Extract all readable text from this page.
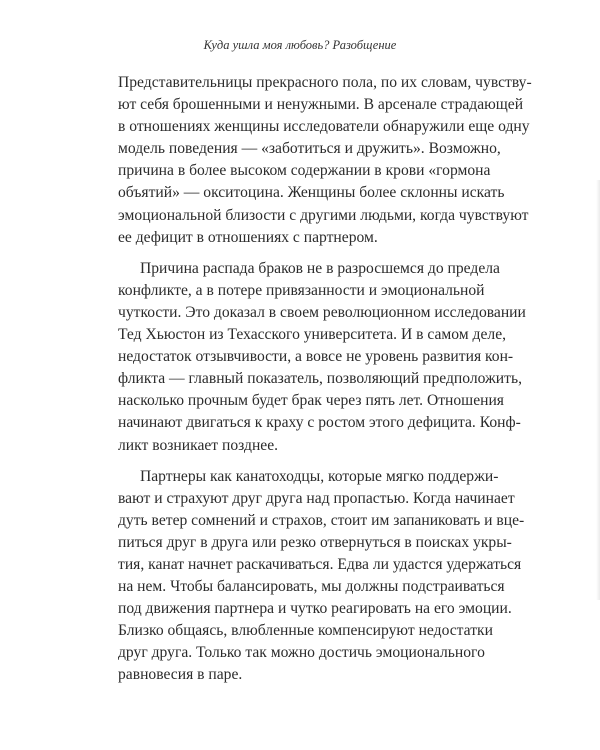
Куда ушла моя любовь? Разобщение
Представительницы прекрасного пола, по их словам, чувству-
ют себя брошенными и ненужными. В арсенале страдающей
в отношениях женщины исследователи обнаружили еще одну
модель поведения — «заботиться и дружить». Возможно,
причина в более высоком содержании в крови «гормона
объятий» — окситоцина. Женщины более склонны искать
эмоциональной близости с другими людьми, когда чувствуют
ее дефицит в отношениях с партнером.
Причина распада браков не в разросшемся до предела
конфликте, а в потере привязанности и эмоциональной
чуткости. Это доказал в своем революционном исследовании
Тед Хьюстон из Техасского университета. И в самом деле,
недостаток отзывчивости, а вовсе не уровень развития кон-
фликта — главный показатель, позволяющий предположить,
насколько прочным будет брак через пять лет. Отношения
начинают двигаться к краху с ростом этого дефицита. Конф-
ликт возникает позднее.
Партнеры как канатоходцы, которые мягко поддержи-
вают и страхуют друг друга над пропастью. Когда начинает
дуть ветер сомнений и страхов, стоит им запаниковать и вце-
питься друг в друга или резко отвернуться в поисках укры-
тия, канат начнет раскачиваться. Едва ли удастся удержаться
на нем. Чтобы балансировать, мы должны подстраиваться
под движения партнера и чутко реагировать на его эмоции.
Близко общаясь, влюбленные компенсируют недостатки
друг друга. Только так можно достичь эмоционального
равновесия в паре.
